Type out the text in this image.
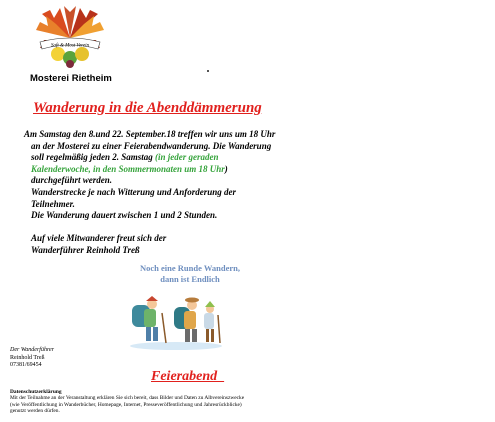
Saft & Most Verein
Mosterei Rietheim
Wanderung in die Abenddämmerung
Am Samstag den 8.und 22. September.18 treffen wir uns um 18 Uhr
an der Mosterei zu einer Feierabendwanderung. Die Wanderung
soll regelmäßig jeden 2. Samstag (in jeder geraden
Kalenderwoche, in den Sommermonaten um 18 Uhr)
durchgeführt werden.
Wanderstrecke je nach Witterung und Anforderung der
Teilnehmer.
Die Wanderung dauert zwischen 1 und 2 Stunden.
Auf viele Mitwanderer freut sich der
Wanderführer Reinhold Treß
Noch eine Runde Wandern,
dann ist Endlich
Der Wanderführer
Reinhold Treß
07381/69454
Feierabend
Datenschutzerklärung
Mit der Teilnahme an der Veranstaltung erklären Sie sich bereit, dass Bilder und Daten zu Albvereinszwecke
(wie Veröffentlichung in Wanderbücher, Homepage, Internet, Presseveröffentlichung und Jahresrückblicke)
genutzt werden dürfen.
